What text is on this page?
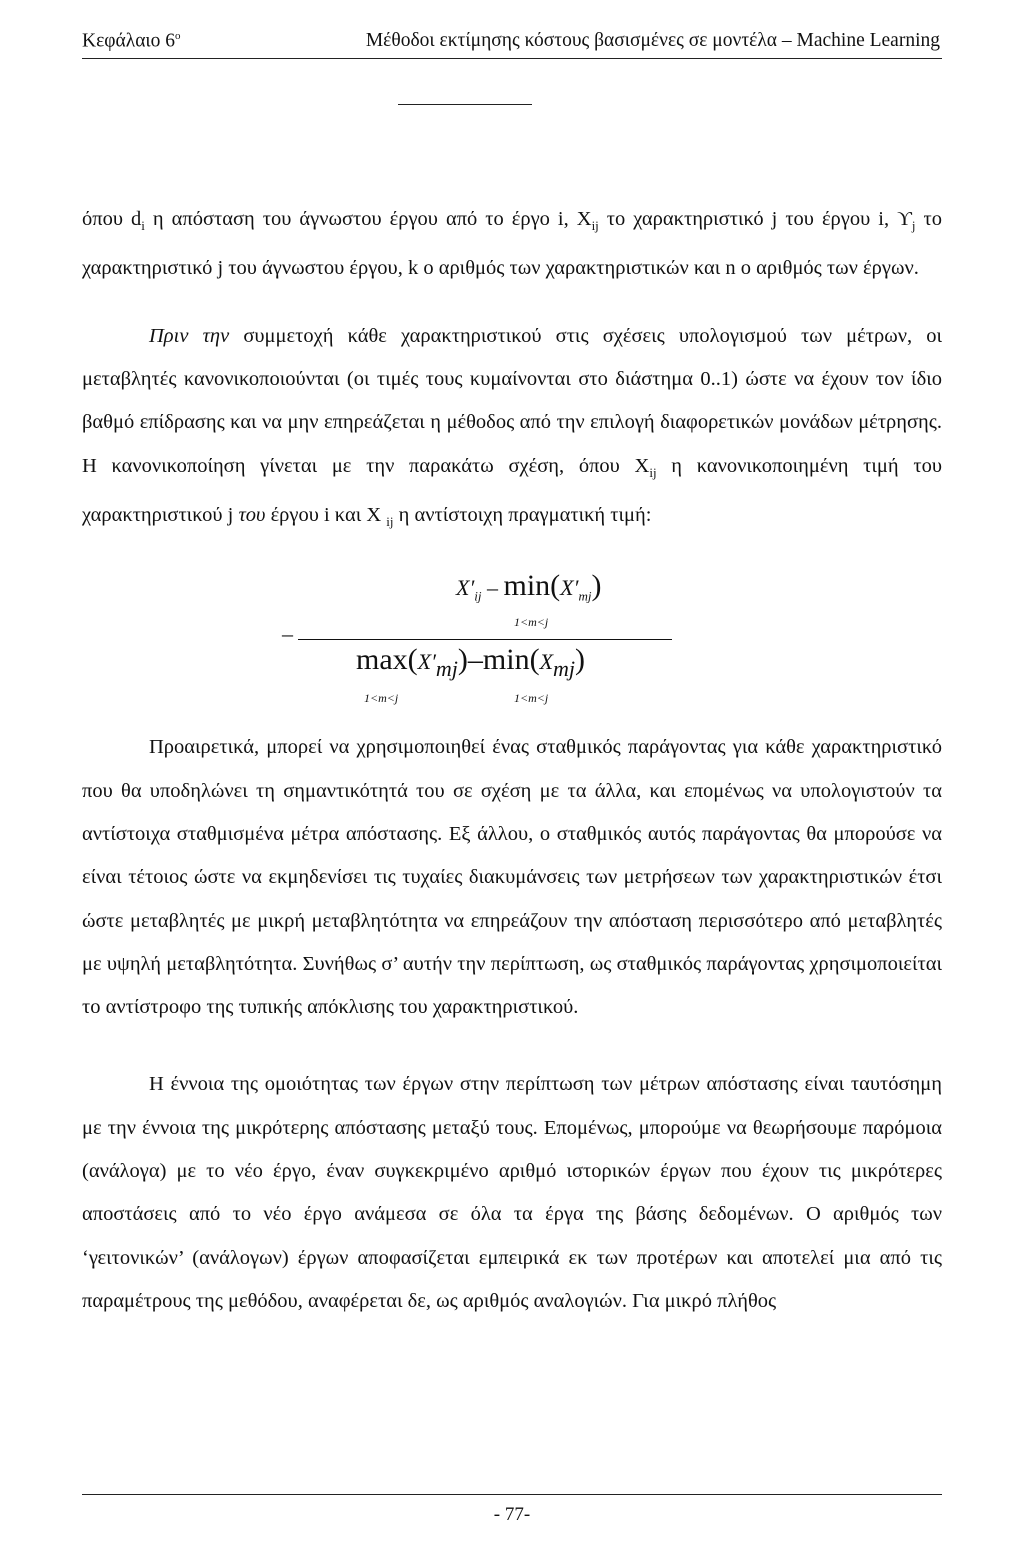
Κεφάλαιο $6^o$	Μέθοδοι εκτίμησης κόστους βασισμένες σε μοντέλα – Machine Learning

όπου $d_i$ η απόσταση του άγνωστου έργου από το έργο i, $X_{ij}$ το χαρακτηριστικό j του έργου i, $ϒ_j$ το χαρακτηριστικό j του άγνωστου έργου, k ο αριθμός των χαρακτηριστικών και n ο αριθμός των έργων.

Πριν την συμμετοχή κάθε χαρακτηριστικού στις σχέσεις υπολογισμού των μέτρων, οι μεταβλητές κανονικοποιούνται (οι τιμές τους κυμαίνονται στο διάστημα 0..1) ώστε να έχουν τον ίδιο βαθμό επίδρασης και να μην επηρεάζεται η μέθοδος από την επιλογή διαφορετικών μονάδων μέτρησης. Η κανονικοποίηση γίνεται με την παρακάτω σχέση, όπου $X_{ij}$ η κανονικοποιημένη τιμή του χαρακτηριστικού j του έργου i και X $_{ij}$ η αντίστοιχη πραγματική τιμή:

$X'_{ij} - \min(X'_{mj})$
1<m<j
–
$\max(X'_{mj})-\min(X_{mj})$
1<m<j	1<m<j

Προαιρετικά, μπορεί να χρησιμοποιηθεί ένας σταθμικός παράγοντας για κάθε χαρακτηριστικό που θα υποδηλώνει τη σημαντικότητά του σε σχέση με τα άλλα, και επομένως να υπολογιστούν τα αντίστοιχα σταθμισμένα μέτρα απόστασης. Εξ άλλου, ο σταθμικός αυτός παράγοντας θα μπορούσε να είναι τέτοιος ώστε να εκμηδενίσει τις τυχαίες διακυμάνσεις των μετρήσεων των χαρακτηριστικών έτσι ώστε μεταβλητές με μικρή μεταβλητότητα να επηρεάζουν την απόσταση περισσότερο από μεταβλητές με υψηλή μεταβλητότητα. Συνήθως σ’ αυτήν την περίπτωση, ως σταθμικός παράγοντας χρησιμοποιείται το αντίστροφο της τυπικής απόκλισης του χαρακτηριστικού.

Η έννοια της ομοιότητας των έργων στην περίπτωση των μέτρων απόστασης είναι ταυτόσημη με την έννοια της μικρότερης απόστασης μεταξύ τους. Επομένως, μπορούμε να θεωρήσουμε παρόμοια (ανάλογα) με το νέο έργο, έναν συγκεκριμένο αριθμό ιστορικών έργων που έχουν τις μικρότερες αποστάσεις από το νέο έργο ανάμεσα σε όλα τα έργα της βάσης δεδομένων. Ο αριθμός των ‘γειτονικών’ (ανάλογων) έργων αποφασίζεται εμπειρικά εκ των προτέρων και αποτελεί μια από τις παραμέτρους της μεθόδου, αναφέρεται δε, ως αριθμός αναλογιών. Για μικρό πλήθος

- 77-
